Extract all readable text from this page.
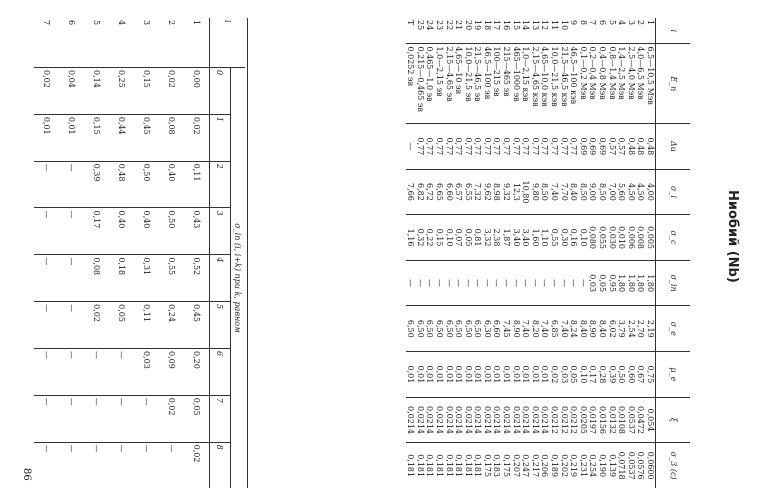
Ниобий (Nb)
i	E_n	Δu	σ_i	σ_c	σ_in	σ_e	μ_e	ξ	σ_3 (c)
1	6,5—10,5 Мэв	0,48	4,00	0,005	1,80	2,19	0,75	0,054	0,0600
2	4,0—6,5 Мэв	0,48	4,50	0,008	1,80	2,70	0,67	0,0472	0,0576
3	2,5—4,0 Мэв	0,48	4,50	0,006	1,80	2,54	0,60	0,0537	0,0537
4	1,4—2,5 Мэв	0,57	5,60	0,010	1,80	3,79	0,50	0,0108	0,0718
5	0,8—1,4 Мэв	0,57	7,00	0,030	0,95	6,02	0,39	0,0132	0,139
6	0,4—0,8 Мэв	0,69	8,50	0,055	0,05	8,40	0,28	0,0156	0,190
7	0,2—0,4 Мэв	0,69	9,00	0,080	0,03	8,90	0,17	0,0197	0,254
8	0,1—0,2 Мэв	0,69	8,50	0,10	—	8,40	0,10	0,0205	0,231
9	46,5—100 кэв	0,77	8,40	0,16	—	8,24	0,05	0,0212	0,219
10	21,5—46,5 кэв	0,77	7,70	0,30	—	7,40	0,03	0,0212	0,202
11	10,0—21,5 кэв	0,77	7,40	0,55	—	6,85	0,02	0,0212	0,189
12	4,65—10,0 кэв	0,77	8,50	1,10	—	7,40	0,01	0,0214	0,206
13	2,15—4,65 кэв	0,77	9,80	1,60	—	8,20	0,01	0,0214	0,217
14	1,0—2,15 кэв	0,77	10,80	3,40	—	7,40	0,01	0,0214	0,247
15	465—1000 эв	0,77	12,3	3,40	—	8,90	0,01	0,0214	0,207
16	215—465 эв	0,77	9,32	1,87	—	7,45	0,01	0,0214	0,175
17	100—215 эв	0,77	8,98	2,38	—	6,60	0,01	0,0214	0,183
18	46,5—100 эв	0,77	9,62	3,32	—	6,30	0,01	0,0214	0,175
19	21,5—46,5 эв	0,77	7,32	0,81	—	6,50	0,01	0,0214	0,181
20	10,0—21,5 эв	0,77	6,55	0,05	—	6,50	0,01	0,0214	0,181
21	4,65—10 эв	0,77	6,57	0,07	—	6,50	0,01	0,0214	0,181
22	2,15—4,65 эв	0,77	6,60	0,10	—	6,50	0,01	0,0214	0,181
23	1,0—2,15 эв	0,77	6,65	0,15	—	6,50	0,01	0,0214	0,181
24	0,465—1,0 эв	0,77	6,72	0,22	—	6,50	0,01	0,0214	0,181
25	0,215—0,465 эв	0,77	6,82	0,32	—	6,50	0,01	0,0214	0,181
T	0,0252 эв	—	7,66	1,16	—	6,50	0,01	0,0214	0,181
i	σ_in (i, i+k) при k, равном								
	0	1	2	3	4	5	6	7	8
1	0,00	0,02	0,11	0,43	0,52	0,45	0,20	0,05	0,02
2	0,02	0,08	0,40	0,50	0,55	0,24	0,09	0,02	—
3	0,15	0,45	0,50	0,40	0,31	0,11	0,03	—	—
4	0,25	0,44	0,48	0,40	0,18	0,05	—	—	—
5	0,14	0,15	0,39	0,17	0,08	0,02	—	—	—
6	0,04	0,01	—	—	—	—	—	—	—
7	0,02	0,01	—	—	—	—	—	—	—
86
